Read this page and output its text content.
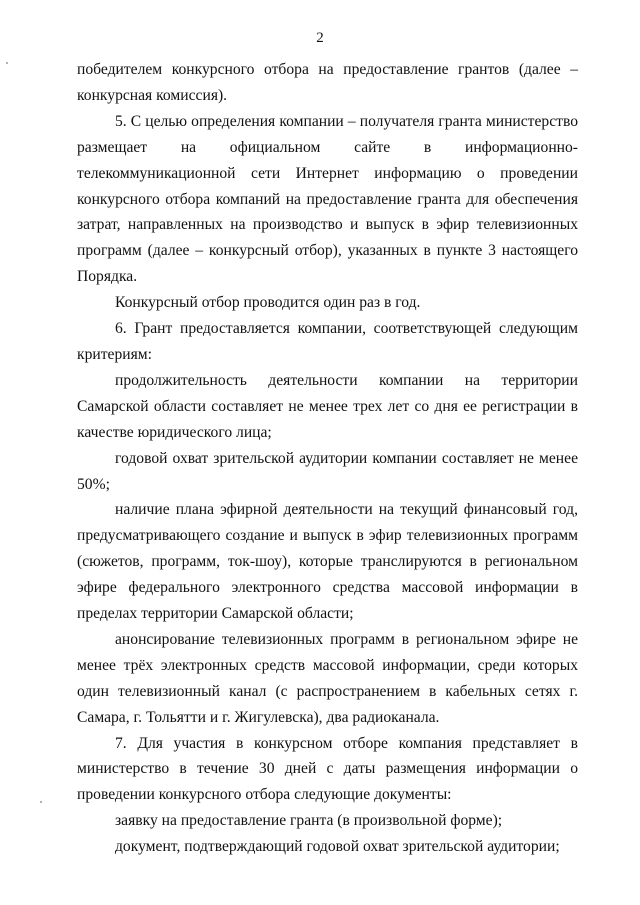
2

победителем конкурсного отбора на предоставление грантов (далее – конкурсная комиссия).

5. С целью определения компании – получателя гранта министерство размещает на официальном сайте в информационно-телекоммуникационной сети Интернет информацию о проведении конкурсного отбора компаний на предоставление гранта для обеспечения затрат, направленных на производство и выпуск в эфир телевизионных программ (далее – конкурсный отбор), указанных в пункте 3 настоящего Порядка.

Конкурсный отбор проводится один раз в год.

6. Грант предоставляется компании, соответствующей следующим критериям:

продолжительность деятельности компании на территории Самарской области составляет не менее трех лет со дня ее регистрации в качестве юридического лица;

годовой охват зрительской аудитории компании составляет не менее 50%;

наличие плана эфирной деятельности на текущий финансовый год, предусматривающего создание и выпуск в эфир телевизионных программ (сюжетов, программ, ток-шоу), которые транслируются в региональном эфире федерального электронного средства массовой информации в пределах территории Самарской области;

анонсирование телевизионных программ в региональном эфире не менее трёх электронных средств массовой информации, среди которых один телевизионный канал (с распространением в кабельных сетях г. Самара, г. Тольятти и г. Жигулевска), два радиоканала.

7. Для участия в конкурсном отборе компания представляет в министерство в течение 30 дней с даты размещения информации о проведении конкурсного отбора следующие документы:

заявку на предоставление гранта (в произвольной форме);

документ, подтверждающий годовой охват зрительской аудитории;
